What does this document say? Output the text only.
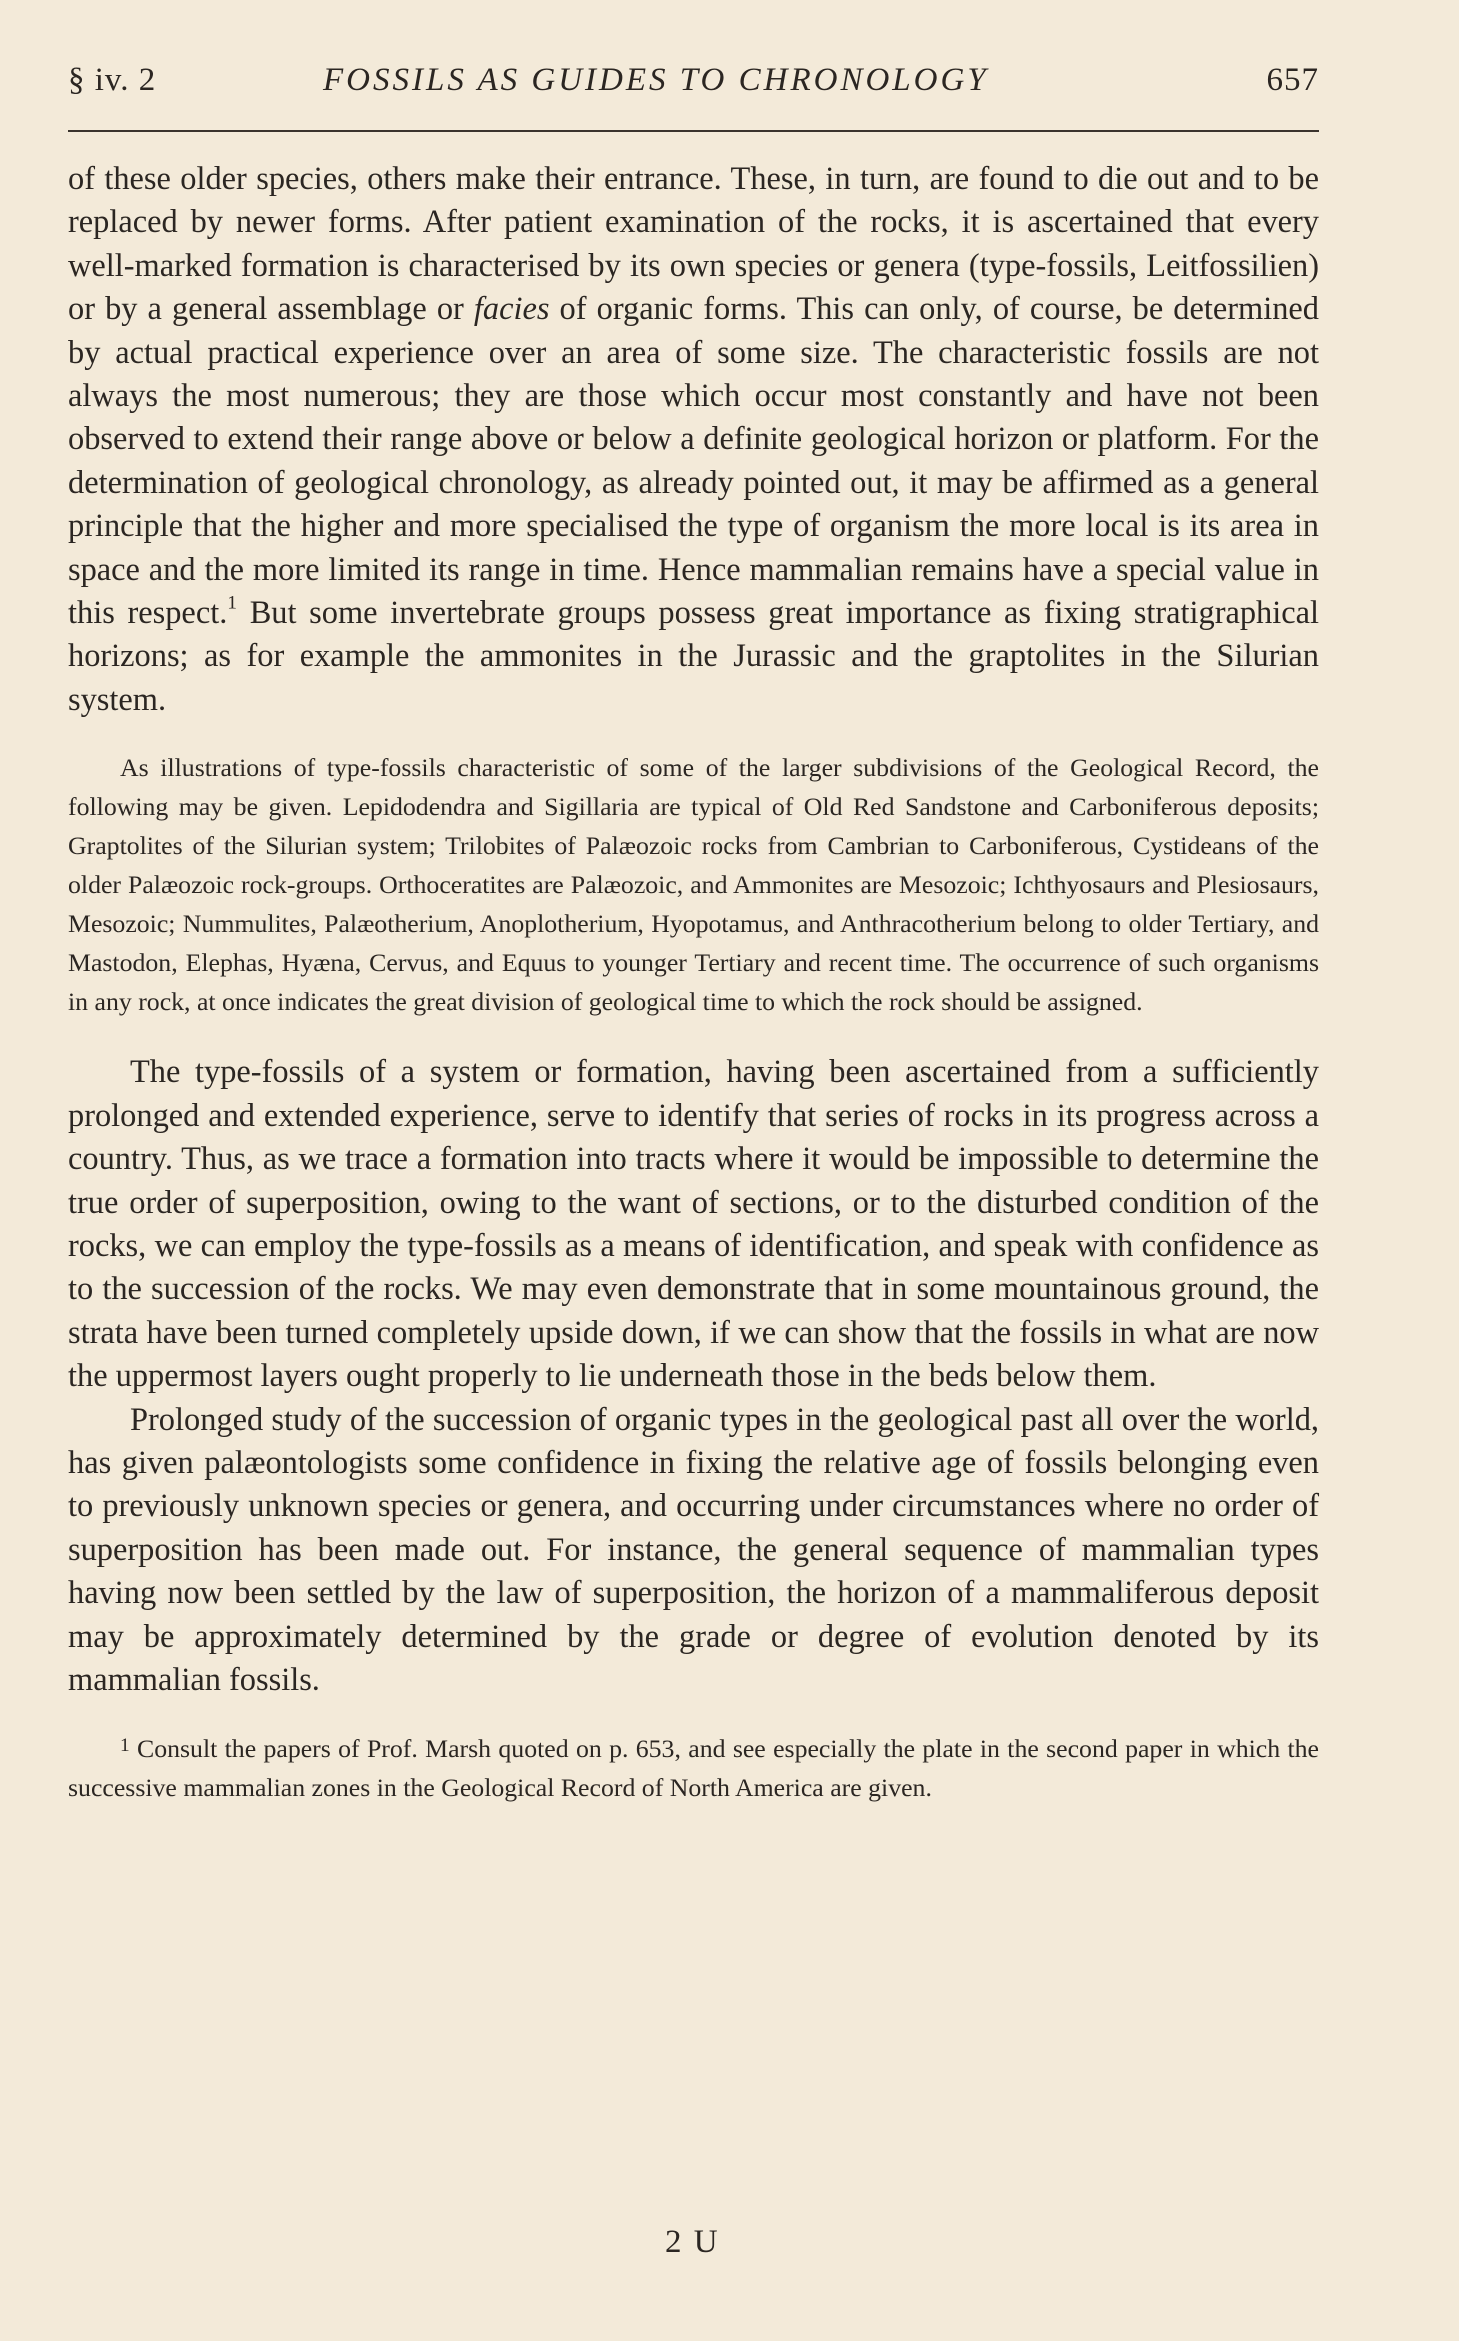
§ iv. 2	FOSSILS AS GUIDES TO CHRONOLOGY	657

of these older species, others make their entrance. These, in turn, are found to die out and to be replaced by newer forms. After patient examination of the rocks, it is ascertained that every well-marked formation is characterised by its own species or genera (type-fossils, Leitfossilien) or by a general assemblage or facies of organic forms. This can only, of course, be determined by actual practical experience over an area of some size. The characteristic fossils are not always the most numerous; they are those which occur most constantly and have not been observed to extend their range above or below a definite geological horizon or platform. For the determination of geological chronology, as already pointed out, it may be affirmed as a general principle that the higher and more specialised the type of organism the more local is its area in space and the more limited its range in time. Hence mammalian remains have a special value in this respect.$^1$ But some invertebrate groups possess great importance as fixing stratigraphical horizons; as for example the ammonites in the Jurassic and the graptolites in the Silurian system.

As illustrations of type-fossils characteristic of some of the larger subdivisions of the Geological Record, the following may be given. Lepidodendra and Sigillaria are typical of Old Red Sandstone and Carboniferous deposits; Graptolites of the Silurian system; Trilobites of Palæozoic rocks from Cambrian to Carboniferous, Cystideans of the older Palæozoic rock-groups. Orthoceratites are Palæozoic, and Ammonites are Mesozoic; Ichthyosaurs and Plesiosaurs, Mesozoic; Nummulites, Palæotherium, Anoplotherium, Hyopotamus, and Anthracotherium belong to older Tertiary, and Mastodon, Elephas, Hyæna, Cervus, and Equus to younger Tertiary and recent time. The occurrence of such organisms in any rock, at once indicates the great division of geological time to which the rock should be assigned.

The type-fossils of a system or formation, having been ascertained from a sufficiently prolonged and extended experience, serve to identify that series of rocks in its progress across a country. Thus, as we trace a formation into tracts where it would be impossible to determine the true order of superposition, owing to the want of sections, or to the disturbed condition of the rocks, we can employ the type-fossils as a means of identification, and speak with confidence as to the succession of the rocks. We may even demonstrate that in some mountainous ground, the strata have been turned completely upside down, if we can show that the fossils in what are now the uppermost layers ought properly to lie underneath those in the beds below them.

Prolonged study of the succession of organic types in the geological past all over the world, has given palæontologists some confidence in fixing the relative age of fossils belonging even to previously unknown species or genera, and occurring under circumstances where no order of superposition has been made out. For instance, the general sequence of mammalian types having now been settled by the law of superposition, the horizon of a mammaliferous deposit may be approximately determined by the grade or degree of evolution denoted by its mammalian fossils.

$^1$ Consult the papers of Prof. Marsh quoted on p. 653, and see especially the plate in the second paper in which the successive mammalian zones in the Geological Record of North America are given.

2 U
